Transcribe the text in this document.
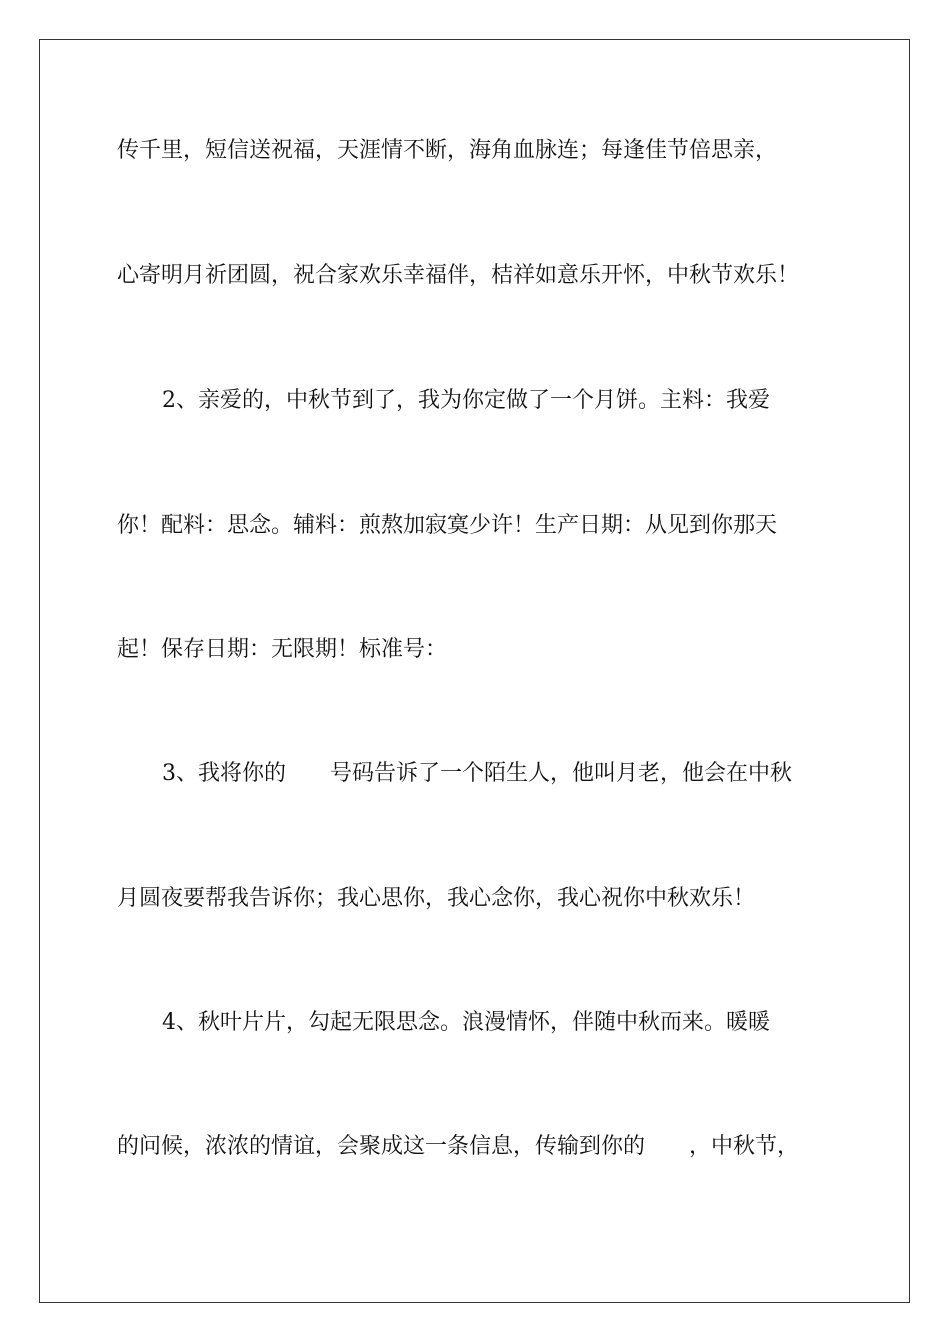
传千里，短信送祝福，天涯情不断，海角血脉连；每逢佳节倍思亲，
心寄明月祈团圆，祝合家欢乐幸福伴，桔祥如意乐开怀，中秋节欢乐！
2、亲爱的，中秋节到了，我为你定做了一个月饼。主料：我爱
你！配料：思念。辅料：煎熬加寂寞少许！生产日期：从见到你那天
起！保存日期：无限期！标准号：
3、我将你的　　号码告诉了一个陌生人，他叫月老，他会在中秋
月圆夜要帮我告诉你；我心思你，我心念你，我心祝你中秋欢乐！
4、秋叶片片，勾起无限思念。浪漫情怀，伴随中秋而来。暖暖
的问候，浓浓的情谊，会聚成这一条信息，传输到你的　　，中秋节，
